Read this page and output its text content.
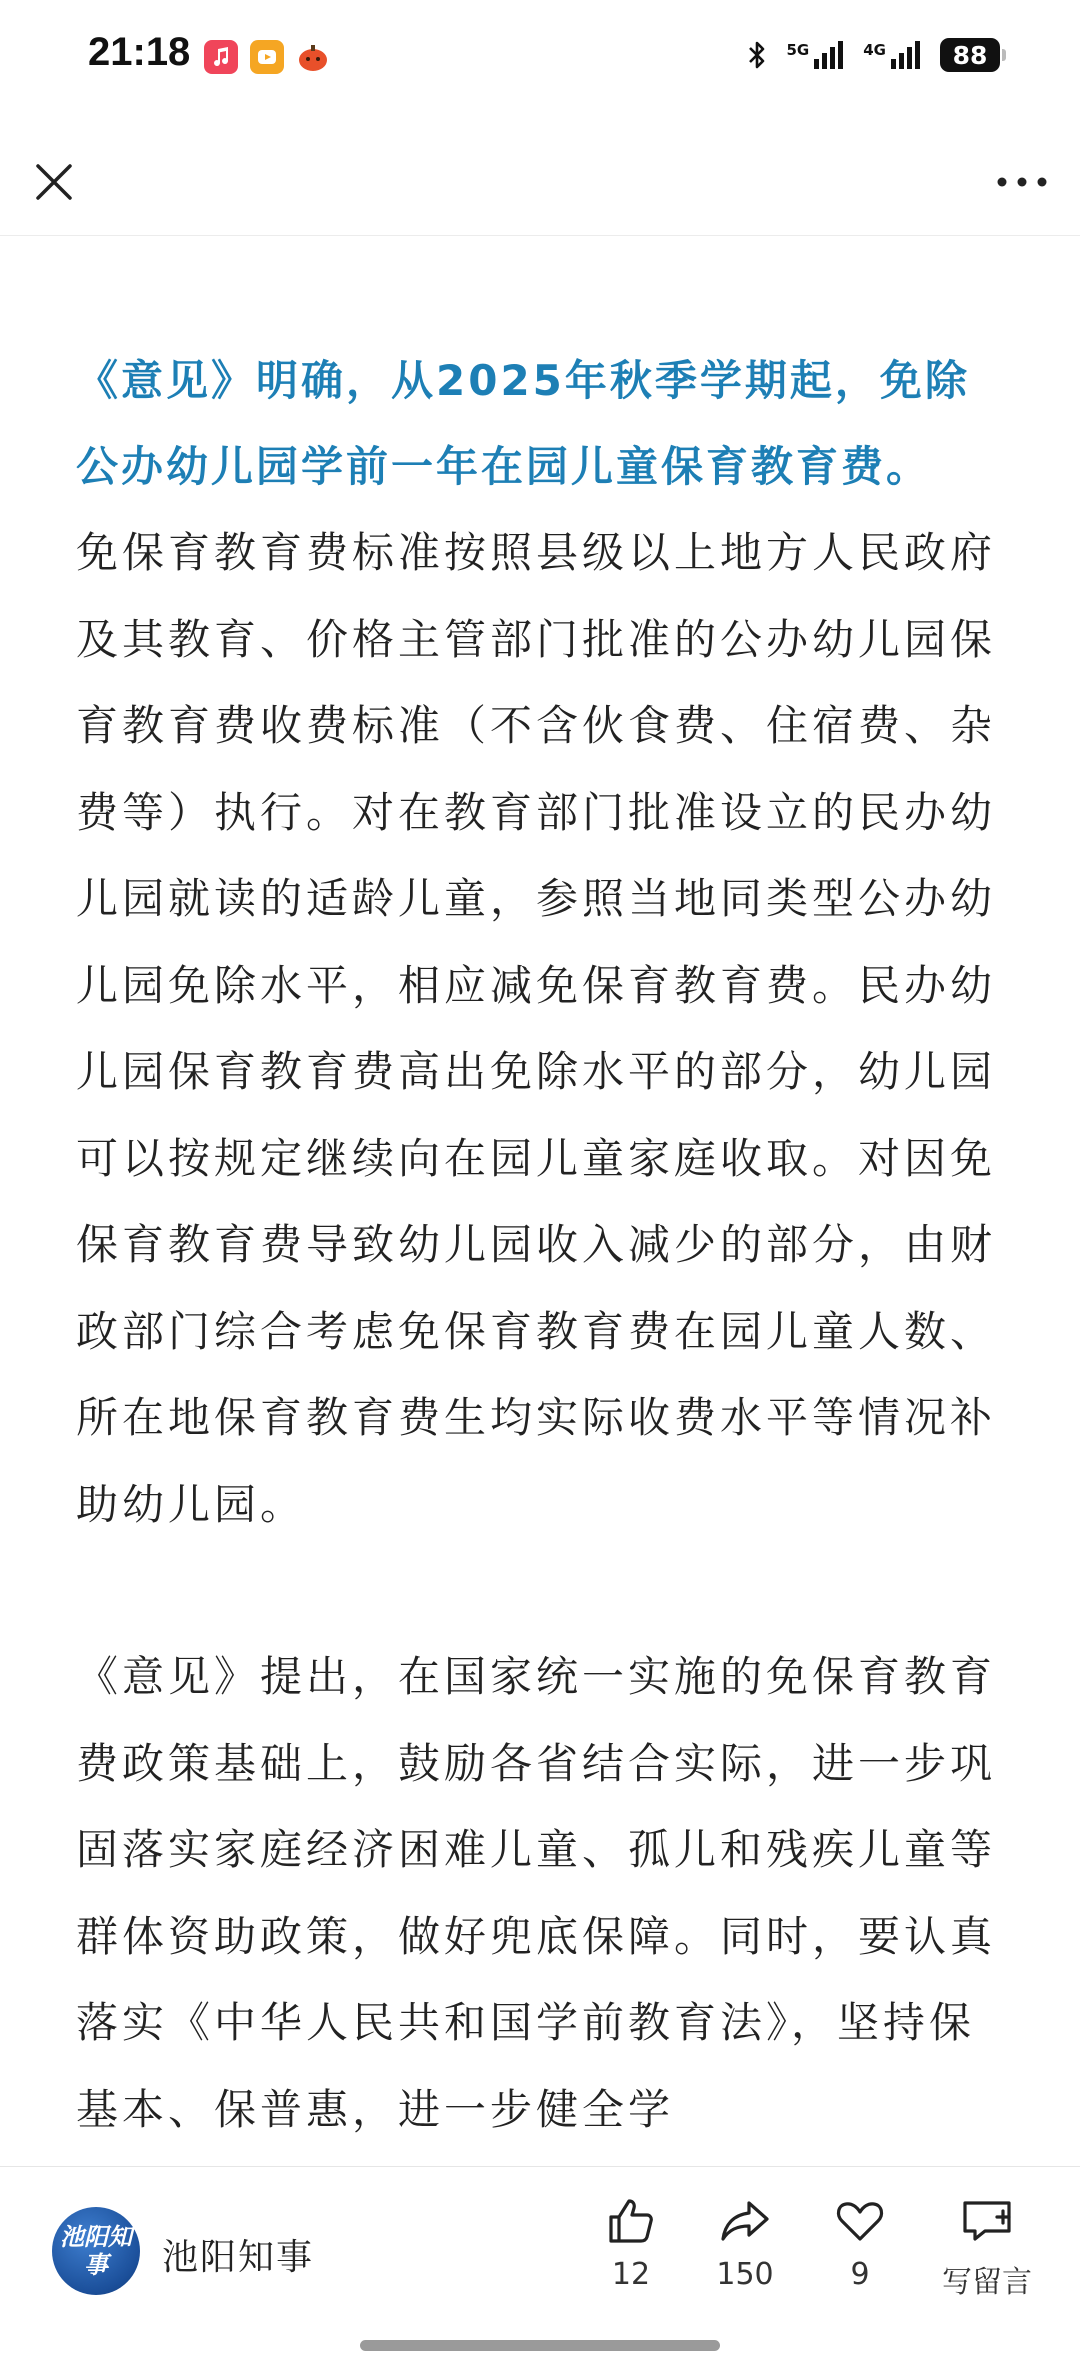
21:18	5G	4G	88

《意见》明确，从2025年秋季学期起，免除公办幼儿园学前一年在园儿童保育教育费。

免保育教育费标准按照县级以上地方人民政府及其教育、价格主管部门批准的公办幼儿园保育教育费收费标准（不含伙食费、住宿费、杂费等）执行。对在教育部门批准设立的民办幼儿园就读的适龄儿童，参照当地同类型公办幼儿园免除水平，相应减免保育教育费。民办幼儿园保育教育费高出免除水平的部分，幼儿园可以按规定继续向在园儿童家庭收取。对因免保育教育费导致幼儿园收入减少的部分，由财政部门综合考虑免保育教育费在园儿童人数、所在地保育教育费生均实际收费水平等情况补助幼儿园。

《意见》提出，在国家统一实施的免保育教育费政策基础上，鼓励各省结合实际，进一步巩固落实家庭经济困难儿童、孤儿和残疾儿童等群体资助政策，做好兜底保障。同时，要认真落实《中华人民共和国学前教育法》，坚持保基本、保普惠，进一步健全学

池阳知事	池阳知事	12	150	9	写留言
